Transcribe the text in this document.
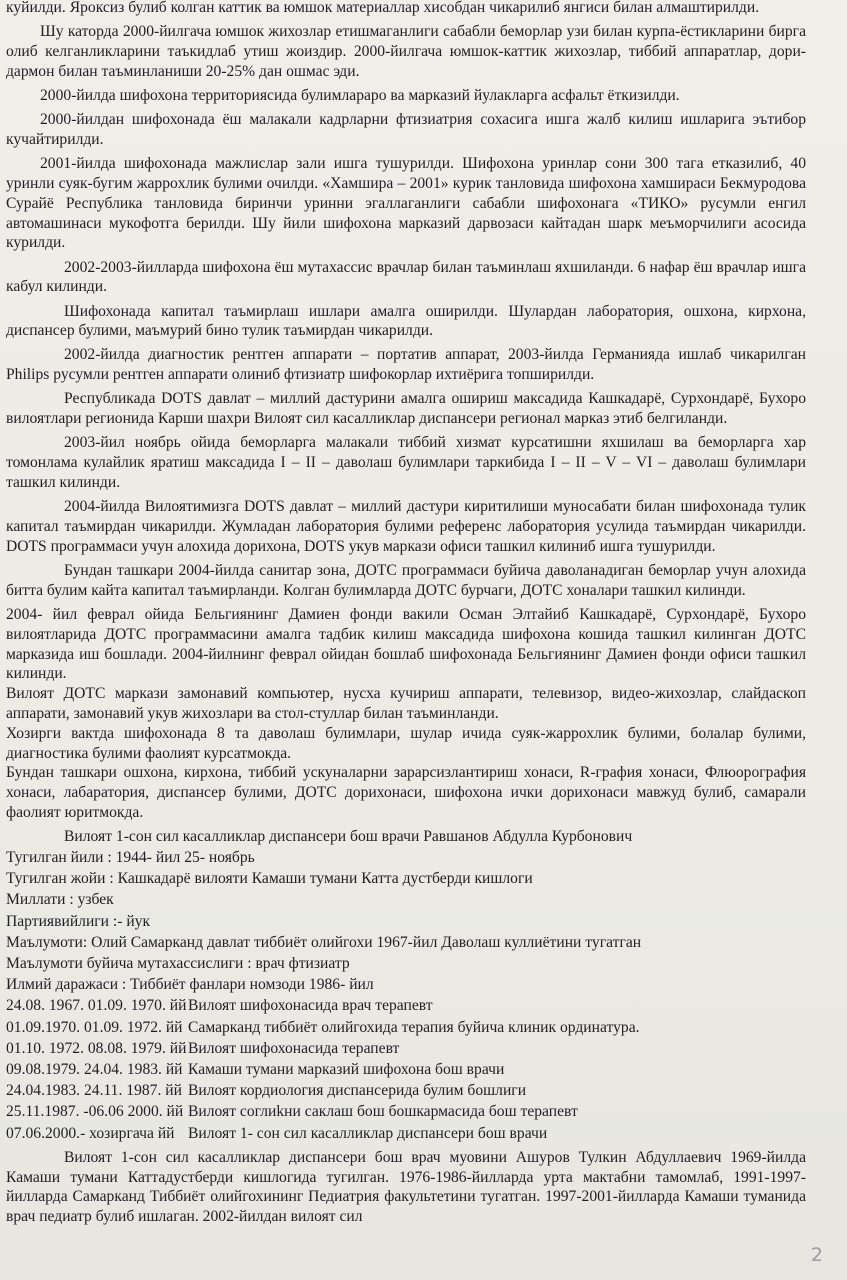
куйилди. Яроксиз булиб колган каттик ва юмшок материаллар хисобдан чикарилиб янгиси билан алмаштирилди.

Шу каторда 2000-йилгача юмшок жихозлар етишмаганлиги сабабли беморлар узи билан курпа-ёстикларини бирга олиб келганликларини таъкидлаб утиш жоиздир. 2000-йилгача юмшок-каттик жихозлар, тиббий аппаратлар, дори-дармон билан таъминланиши 20-25% дан ошмас эди.

2000-йилда шифохона территориясида булимлараро ва марказий йулакларга асфальт ёткизилди.

2000-йилдан шифохонада ёш малакали кадрларни фтизиатрия сохасига ишга жалб килиш ишларига эътибор кучайтирилди.

2001-йилда шифохонада мажлислар зали ишга тушурилди. Шифохона уринлар сони 300 тага етказилиб, 40 уринли суяк-бугим жарроxлик булими очилди. «Хамшира – 2001» курик танловида шифохона хамшираси Бекмуродова Сурайё Республика танловида биринчи уринни эгаллаганлиги сабабли шифохонага «ТИКО» русумли енгил автомашинаси мукофотга берилди. Шу йили шифохона марказий дарвозаси кайтадан шарк меъморчилиги асосида курилди.

2002-2003-йилларда шифохона ёш мутахассис врачлар билан таъминлаш яхшиланди. 6 нафар ёш врачлар ишга кабул килинди.

Шифохонада капитал таъмирлаш ишлари амалга оширилди. Шулардан лаборатория, ошхона, кирхона, диспансер булими, маъмурий бино тулик таъмирдан чикарилди.

2002-йилда диагностик рентген аппарати – портатив аппарат, 2003-йилда Германияда ишлаб чикарилган Philips русумли рентген аппарати олиниб фтизиатр шифокорлар ихтиёрига топширилди.

Республикада DOTS давлат – миллий дастурини амалга ошириш максадида Кашкадарё, Сурхондарё, Бухоро вилоятлари регионида Карши шахри Вилоят сил касалликлар диспансери регионал марказ этиб белгиланди.

2003-йил ноябрь ойида беморларга малакали тиббий хизмат курсатишни яхшилаш ва беморларга хар томонлама кулайлик яратиш максадида I – II – даволаш булимлари таркибида I – II – V – VI – даволаш булимлари ташкил килинди.

2004-йилда Вилоятимизга DOTS давлат – миллий дастури киритилиши муносабати билан шифохонада тулик капитал таъмирдан чикарилди. Жумладан лаборатория булими референс лаборатория усулида таъмирдан чикарилди. DOTS программаси учун алохида дорихона, DOTS укув маркази офиси ташкил килиниб ишга тушурилди.

Бундан ташкари 2004-йилда санитар зона, ДОТС программаси буйича даволанадиган беморлар учун алохида битта булим кайта капитал таъмирланди. Колган булимларда ДОТС бурчаги, ДОТС хоналари ташкил килинди.

2004- йил феврал ойида Бельгиянинг Дамиен фонди вакили Осман Элтайиб Кашкадарё, Сурхондарё, Бухоро вилоятларида ДОТС программасини амалга тадбик килиш максадида шифохона кошида ташкил килинган ДОТС марказида иш бошлади. 2004-йилнинг феврал ойидан бошлаб шифохонада Бельгиянинг Дамиен фонди офиси ташкил килинди.

Вилоят ДОТС маркази замонавий компьютер, нусха кучириш аппарати, телевизор, видео-жихозлар, слайдаскоп аппарати, замонавий укув жихозлари ва стол-стуллар билан таъминланди.

Хозирги вактда шифохонада 8 та даволаш булимлари, шулар ичида суяк-жаррохлик булими, болалар булими, диагностика булими фаолият курсатмокда.

Бундан ташкари ошхона, кирхона, тиббий ускуналарни зарарсизлантириш хонаси, R-графия хонаси, Флюорография хонаси, лабаратория, диспансер булими, ДОТС дорихонаси, шифохона ички дорихонаси мавжуд булиб, самарали фаолият юритмокда.

Вилоят 1-сон сил касалликлар диспансери бош врачи Равшанов Абдулла Курбонович

Тугилган йили : 1944- йил 25- ноябрь
Тугилган жойи : Кашкадарё вилояти Камаши тумани Катта дустберди кишлоги
Миллати : узбек
Партиявийлиги :- йук
Маълумоти: Олий Самарканд давлат тиббиёт олийгохи 1967-йил Даволаш куллиётини тугатган
Маълумоти буйича мутахассислиги : врач фтизиатр
Илмий даражаси : Тиббиёт фанлари номзоди 1986- йил
24.08. 1967. 01.09. 1970. йй Вилоят шифохонасида врач терапевт
01.09.1970. 01.09. 1972. йй Самарканд тиббиёт олийгохида терапия буйича клиник ординатура.
01.10. 1972. 08.08. 1979. йй Вилоят шифохонасида терапевт
09.08.1979. 24.04. 1983. йй Камаши тумани марказий шифохона бош врачи
24.04.1983. 24.11. 1987. йй Вилоят кордиология диспансерида булим бошлиги
25.11.1987. -06.06 2000. йй Вилоят соглиkни саклаш бош бошкармасида бош терапевт
07.06.2000.- хозиргача йй Вилоят 1- сон сил касалликлар диспансери бош врачи

Вилоят 1-сон сил касалликлар диспансери бош врач муовини Ашуров Тулкин Абдуллаевич 1969-йилда Камаши тумани Каттадустберди кишлогида тугилган. 1976-1986-йилларда урта мактабни тамомлаб, 1991-1997-йилларда Самарканд Тиббиёт олийгохининг Педиатрия факультетини тугатган. 1997-2001-йилларда Камаши туманида врач педиатр булиб ишлаган. 2002-йилдан вилоят сил

2
